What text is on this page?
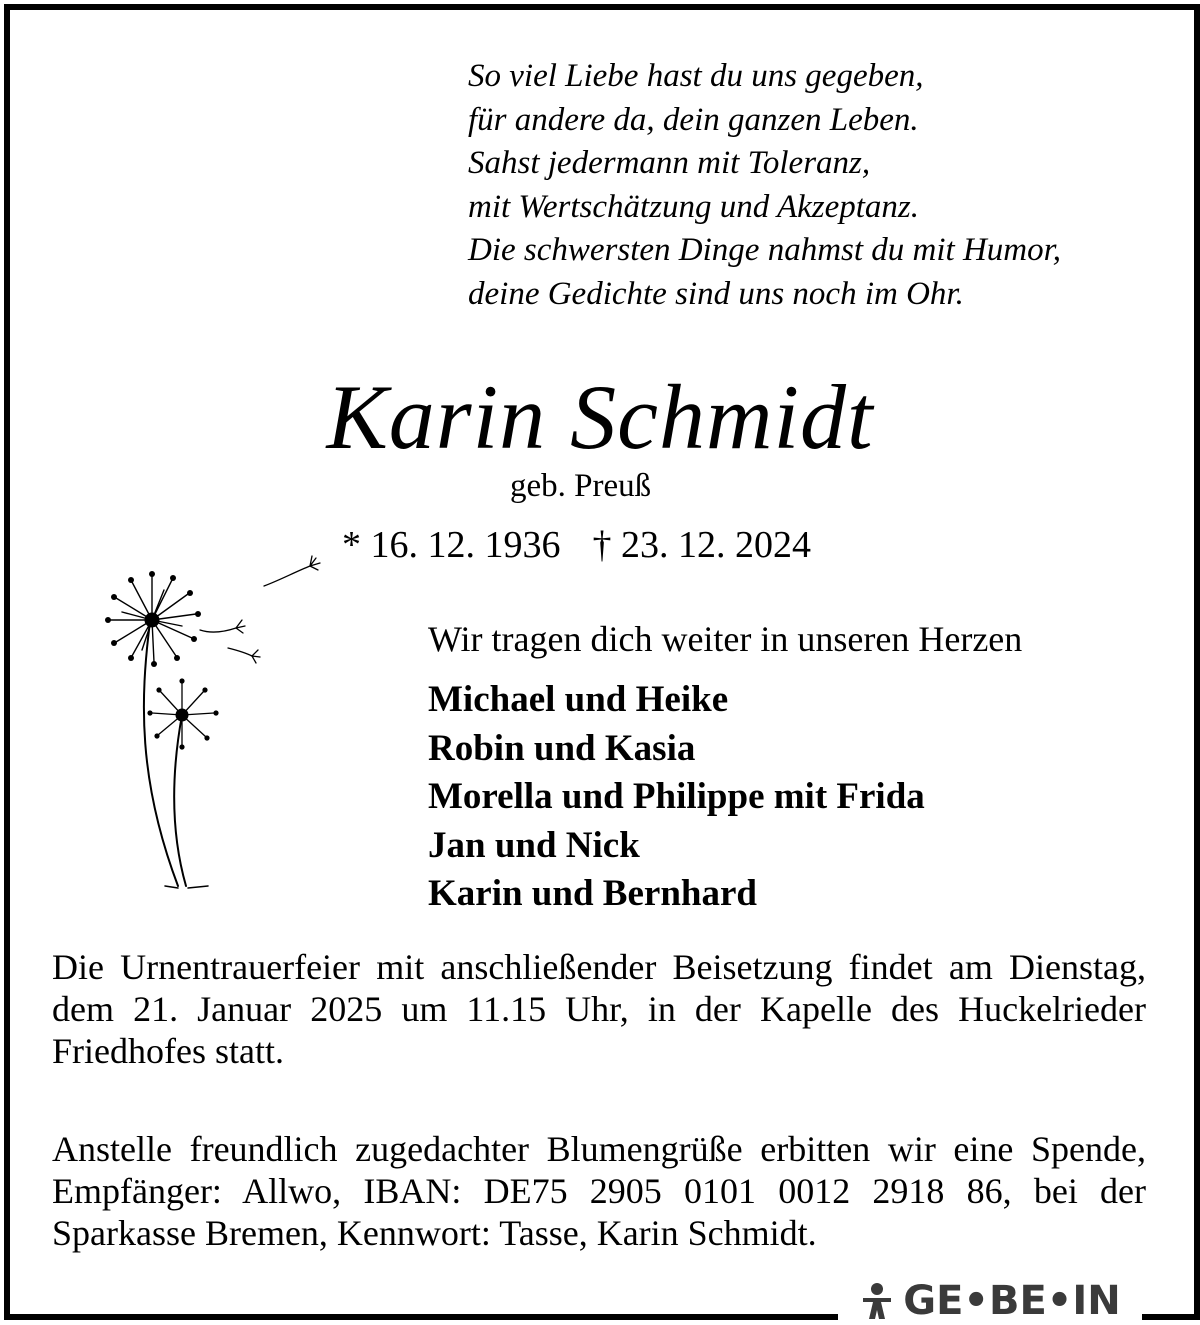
So viel Liebe hast du uns gegeben,
für andere da, dein ganzen Leben.
Sahst jedermann mit Toleranz,
mit Wertschätzung und Akzeptanz.
Die schwersten Dinge nahmst du mit Humor,
deine Gedichte sind uns noch im Ohr.
Karin Schmidt
geb. Preuß
* 16. 12. 1936 † 23. 12. 2024
Wir tragen dich weiter in unseren Herzen
Michael und Heike
Robin und Kasia
Morella und Philippe mit Frida
Jan und Nick
Karin und Bernhard
Die Urnentrauerfeier mit anschließender Beisetzung findet am Dienstag, dem 21. Januar 2025 um 11.15 Uhr, in der Kapelle des Huckelrieder Friedhofes statt.
Anstelle freundlich zugedachter Blumengrüße erbitten wir eine Spende, Empfänger: Allwo, IBAN: DE75 2905 0101 0012 2918 86, bei der Sparkasse Bremen, Kennwort: Tasse, Karin Schmidt.
GE•BE•IN
